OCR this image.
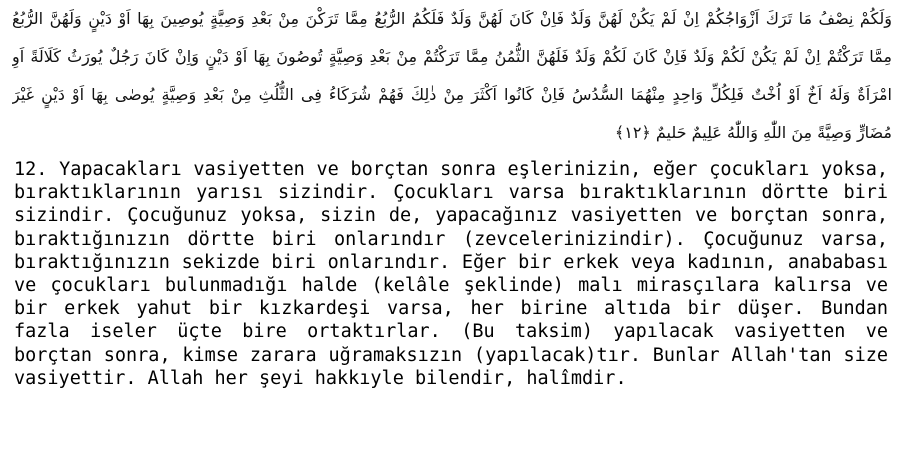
وَلَكُمْ نِصْفُ مَا تَرَكَ اَزْوَاجُكُمْ اِنْ لَمْ يَكُنْ لَهُنَّ وَلَدٌ فَاِنْ كَانَ لَهُنَّ وَلَدٌ فَلَكُمُ الرُّبُعُ مِمَّا تَرَكْنَ مِنْ بَعْدِ وَصِيَّةٍ يُوصِينَ بِهَا اَوْ دَيْنٍ وَلَهُنَّ الرُّبُعُ
مِمَّا تَرَكْتُمْ اِنْ لَمْ يَكُنْ لَكُمْ وَلَدٌ فَاِنْ كَانَ لَكُمْ وَلَدٌ فَلَهُنَّ الثُّمُنُ مِمَّا تَرَكْتُمْ مِنْ بَعْدِ وَصِيَّةٍ تُوصُونَ بِهَا اَوْ دَيْنٍ وَاِنْ كَانَ رَجُلٌ يُورَثُ كَلَالَةً اَوِ
امْرَاَةٌ وَلَهُ اَخٌ اَوْ اُخْتٌ فَلِكُلِّ وَاحِدٍ مِنْهُمَا السُّدُسُ فَاِنْ كَانُوا اَكْثَرَ مِنْ ذٰلِكَ فَهُمْ شُرَكَاءُ فِى الثُّلُثِ مِنْ بَعْدِ وَصِيَّةٍ يُوصٰى بِهَا اَوْ دَيْنٍ غَيْرَ
مُضَارٍّ وَصِيَّةً مِنَ اللّٰهِ وَاللّٰهُ عَلِيمٌ حَليمٌ ﴿١٢﴾

12. Yapacakları vasiyetten ve borçtan sonra eşlerinizin, eğer çocukları yoksa, bıraktıklarının yarısı sizindir. Çocukları varsa bıraktıklarının dörtte biri sizindir. Çocuğunuz yoksa, sizin de, yapacağınız vasiyetten ve borçtan sonra, bıraktığınızın dörtte biri onlarındır (zevcelerinizindir). Çocuğunuz varsa, bıraktığınızın sekizde biri onlarındır. Eğer bir erkek veya kadının, anababası ve çocukları bulunmadığı halde (kelâle şeklinde) malı mirasçılara kalırsa ve bir erkek yahut bir kızkardeşi varsa, her birine altıda bir düşer. Bundan fazla iseler üçte bire ortaktırlar. (Bu taksim) yapılacak vasiyetten ve borçtan sonra, kimse zarara uğramaksızın (yapılacak)tır. Bunlar Allah'tan size vasiyettir. Allah her şeyi hakkıyle bilendir, halîmdir.
